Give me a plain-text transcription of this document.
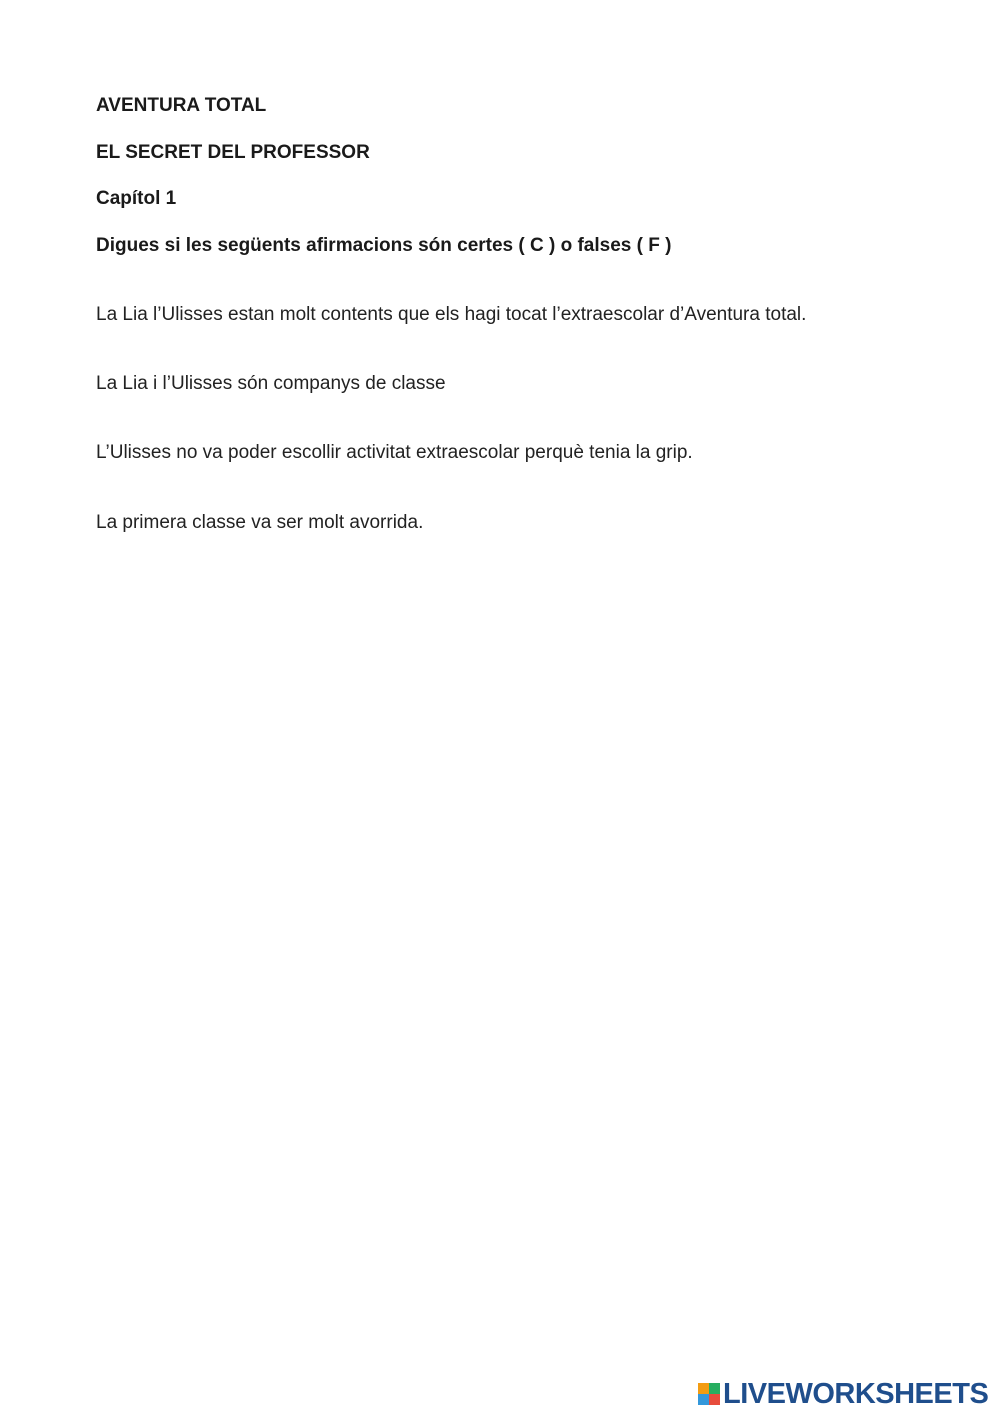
AVENTURA TOTAL
EL SECRET DEL PROFESSOR
Capítol 1
Digues si les següents afirmacions són certes ( C ) o falses ( F )
La Lia l’Ulisses estan molt contents que els hagi tocat l’extraescolar d’Aventura total.
La Lia i l’Ulisses són companys de classe
L’Ulisses no va poder escollir activitat extraescolar perquè tenia la grip.
La primera classe va ser molt avorrida.
LIVEWORKSHEETS
